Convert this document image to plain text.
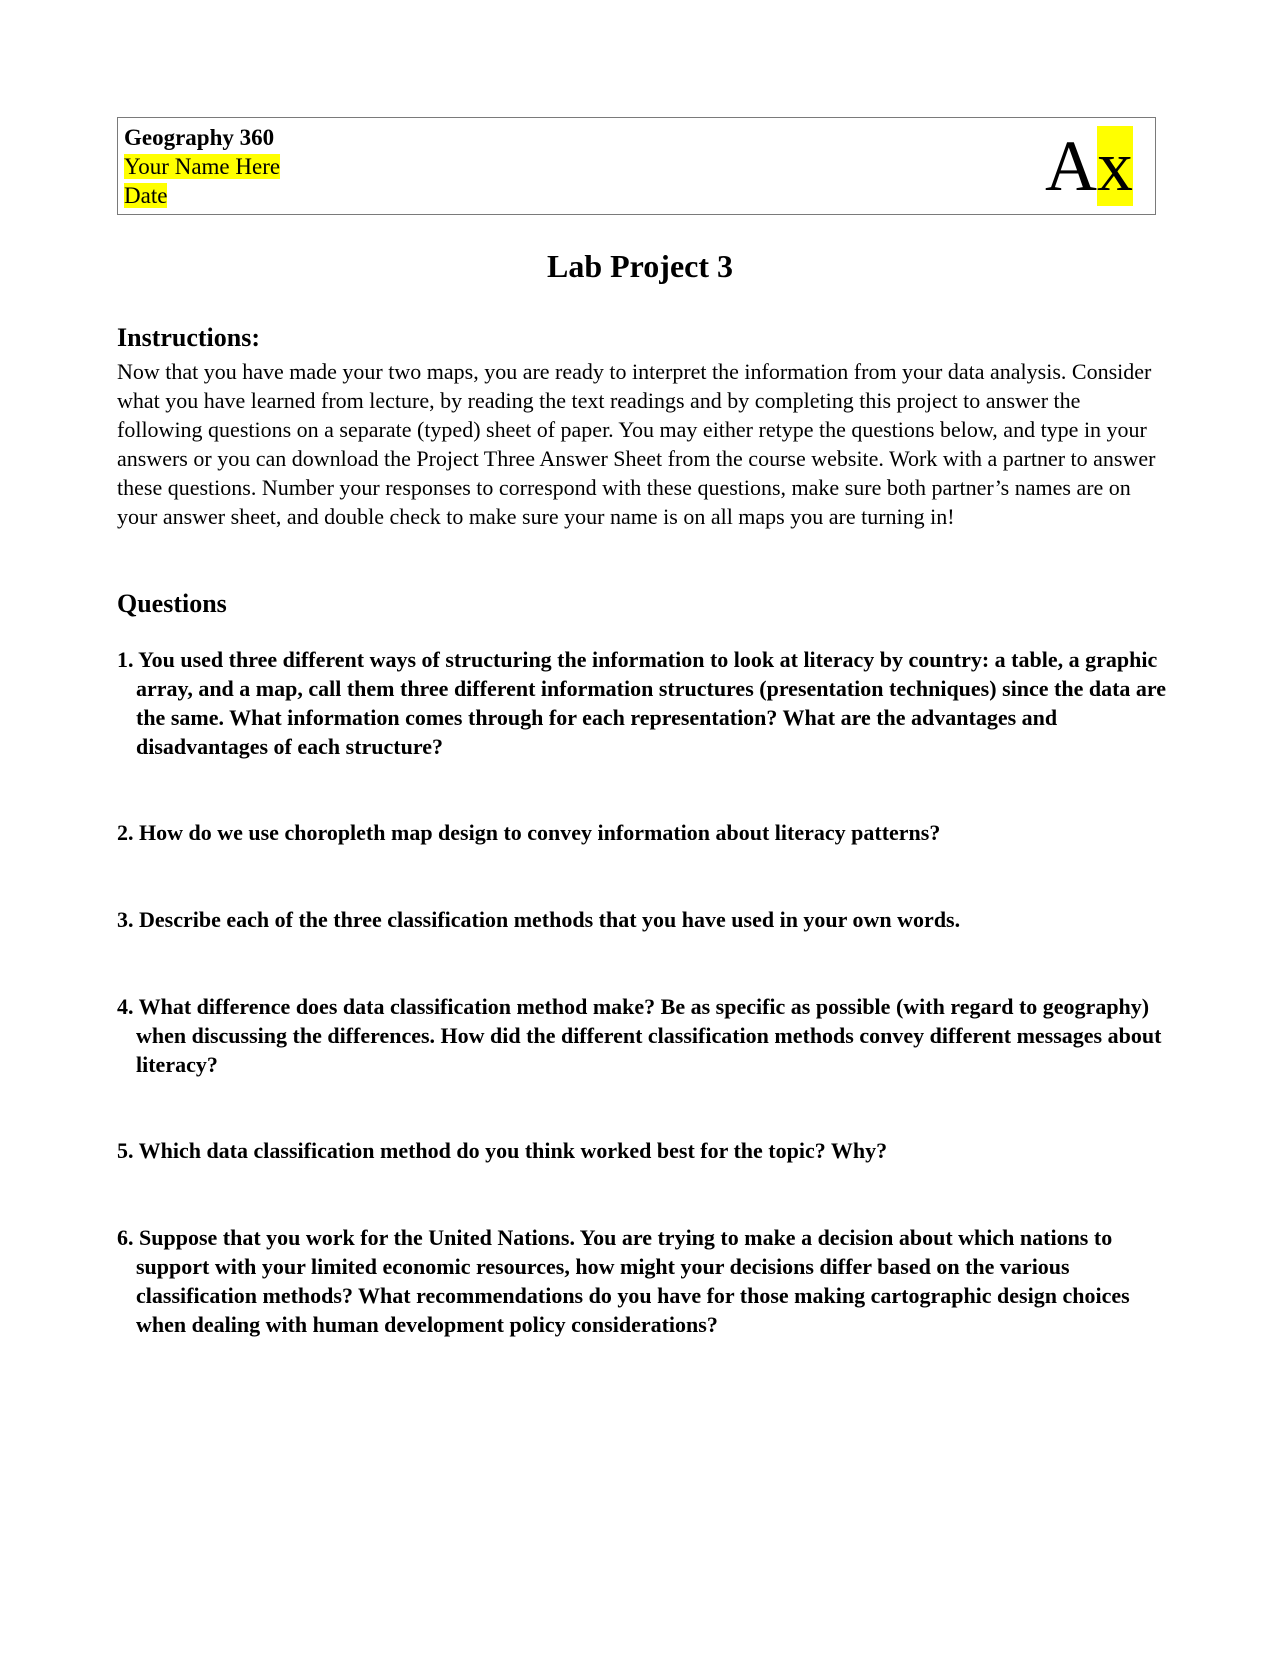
Geography 360
Your Name Here
Date	Ax
Lab Project 3
Instructions:
Now that you have made your two maps, you are ready to interpret the information from your data analysis. Consider what you have learned from lecture, by reading the text readings and by completing this project to answer the following questions on a separate (typed) sheet of paper. You may either retype the questions below, and type in your answers or you can download the Project Three Answer Sheet from the course website. Work with a partner to answer these questions. Number your responses to correspond with these questions, make sure both partner’s names are on your answer sheet, and double check to make sure your name is on all maps you are turning in!
Questions
1. You used three different ways of structuring the information to look at literacy by country: a table, a graphic array, and a map, call them three different information structures (presentation techniques) since the data are the same. What information comes through for each representation? What are the advantages and disadvantages of each structure?
2. How do we use choropleth map design to convey information about literacy patterns?
3. Describe each of the three classification methods that you have used in your own words.
4. What difference does data classification method make? Be as specific as possible (with regard to geography) when discussing the differences. How did the different classification methods convey different messages about literacy?
5. Which data classification method do you think worked best for the topic? Why?
6. Suppose that you work for the United Nations. You are trying to make a decision about which nations to support with your limited economic resources, how might your decisions differ based on the various classification methods? What recommendations do you have for those making cartographic design choices when dealing with human development policy considerations?
